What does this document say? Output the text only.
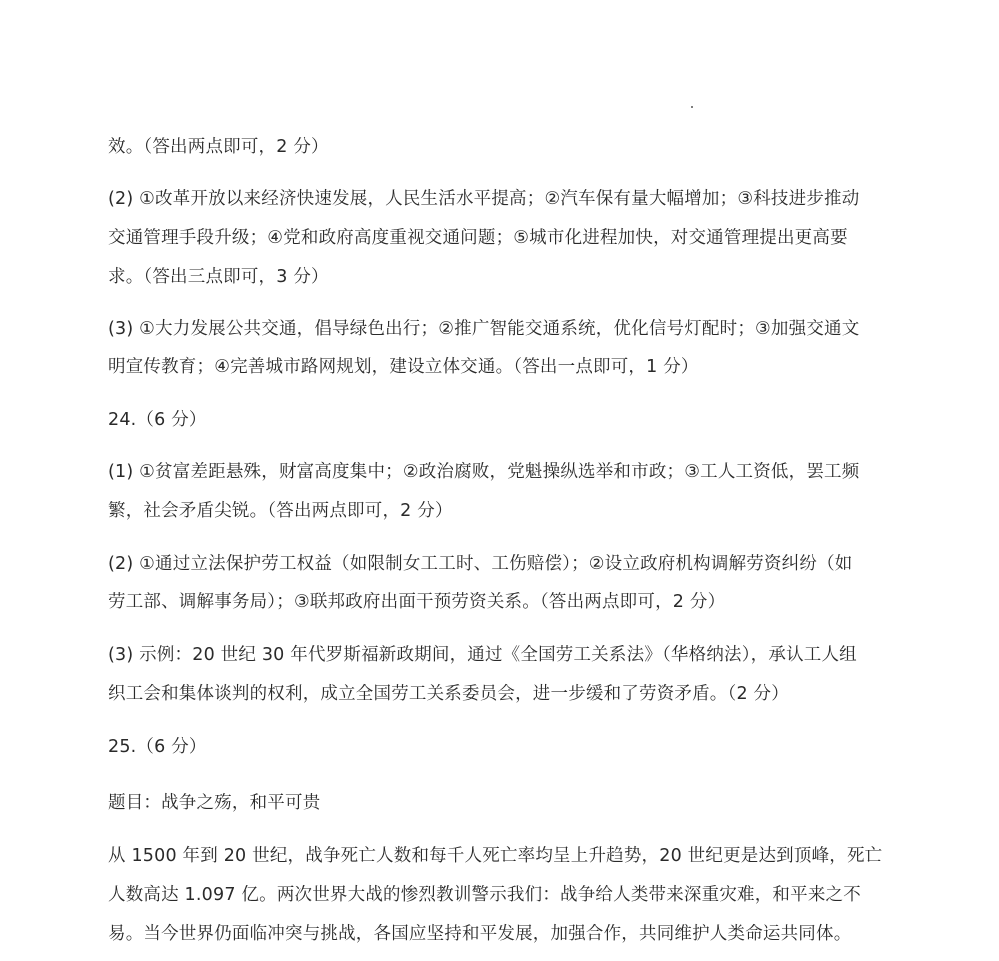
效。（答出两点即可，2 分）
(2) ①改革开放以来经济快速发展，人民生活水平提高；②汽车保有量大幅增加；③科技进步推动
交通管理手段升级；④党和政府高度重视交通问题；⑤城市化进程加快，对交通管理提出更高要
求。（答出三点即可，3 分）
(3) ①大力发展公共交通，倡导绿色出行；②推广智能交通系统，优化信号灯配时；③加强交通文
明宣传教育；④完善城市路网规划，建设立体交通。（答出一点即可，1 分）
24.（6 分）
(1) ①贫富差距悬殊，财富高度集中；②政治腐败，党魁操纵选举和市政；③工人工资低，罢工频
繁，社会矛盾尖锐。（答出两点即可，2 分）
(2) ①通过立法保护劳工权益（如限制女工工时、工伤赔偿）；②设立政府机构调解劳资纠纷（如
劳工部、调解事务局）；③联邦政府出面干预劳资关系。（答出两点即可，2 分）
(3) 示例：20 世纪 30 年代罗斯福新政期间，通过《全国劳工关系法》（华格纳法），承认工人组
织工会和集体谈判的权利，成立全国劳工关系委员会，进一步缓和了劳资矛盾。（2 分）
25.（6 分）
题目：战争之殇，和平可贵
从 1500 年到 20 世纪，战争死亡人数和每千人死亡率均呈上升趋势，20 世纪更是达到顶峰，死亡
人数高达 1.097 亿。两次世界大战的惨烈教训警示我们：战争给人类带来深重灾难，和平来之不
易。当今世界仍面临冲突与挑战，各国应坚持和平发展，加强合作，共同维护人类命运共同体。
